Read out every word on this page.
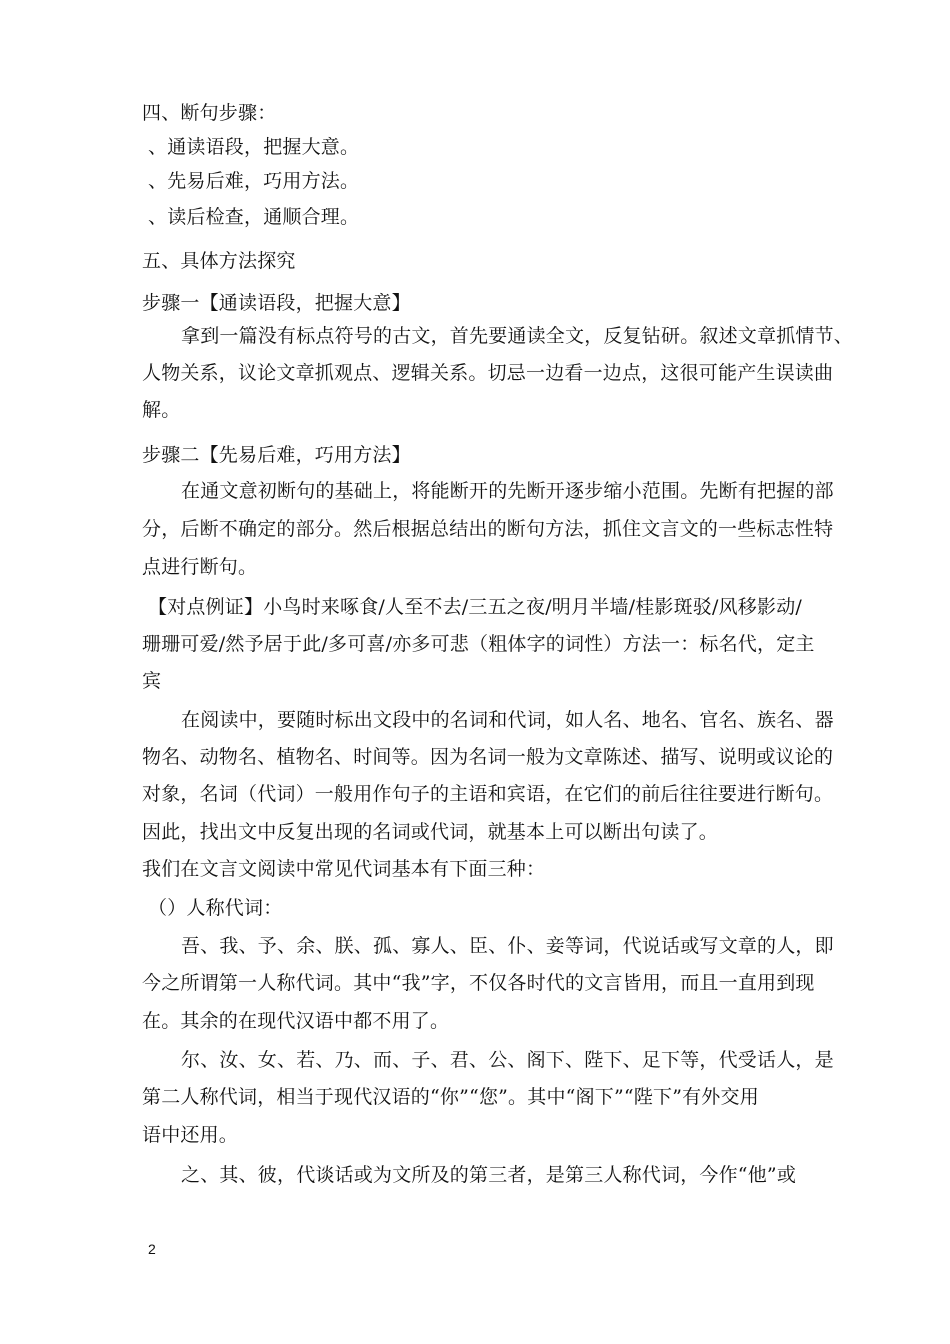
四、断句步骤：
、通读语段，把握大意。
、先易后难，巧用方法。
、读后检查，通顺合理。
五、具体方法探究
步骤一【通读语段，把握大意】
拿到一篇没有标点符号的古文，首先要通读全文，反复钻研。叙述文章抓情节、
人物关系，议论文章抓观点、逻辑关系。切忌一边看一边点，这很可能产生误读曲
解。
步骤二【先易后难，巧用方法】
在通文意初断句的基础上，将能断开的先断开逐步缩小范围。先断有把握的部
分，后断不确定的部分。然后根据总结出的断句方法，抓住文言文的一些标志性特
点进行断句。
【对点例证】小鸟时来啄食/人至不去/三五之夜/明月半墙/桂影斑驳/风移影动/
珊珊可爱/然予居于此/多可喜/亦多可悲（粗体字的词性）方法一：标名代，定主
宾
在阅读中，要随时标出文段中的名词和代词，如人名、地名、官名、族名、器
物名、动物名、植物名、时间等。因为名词一般为文章陈述、描写、说明或议论的
对象，名词（代词）一般用作句子的主语和宾语，在它们的前后往往要进行断句。
因此，找出文中反复出现的名词或代词，就基本上可以断出句读了。
我们在文言文阅读中常见代词基本有下面三种：
（）人称代词：
吾、我、予、余、朕、孤、寡人、臣、仆、妾等词，代说话或写文章的人，即
今之所谓第一人称代词。其中“我”字，不仅各时代的文言皆用，而且一直用到现
在。其余的在现代汉语中都不用了。
尔、汝、女、若、乃、而、子、君、公、阁下、陛下、足下等，代受话人，是
第二人称代词，相当于现代汉语的“你”“您”。其中“阁下”“陛下”有外交用
语中还用。
之、其、彼，代谈话或为文所及的第三者，是第三人称代词，今作“他”或
2
